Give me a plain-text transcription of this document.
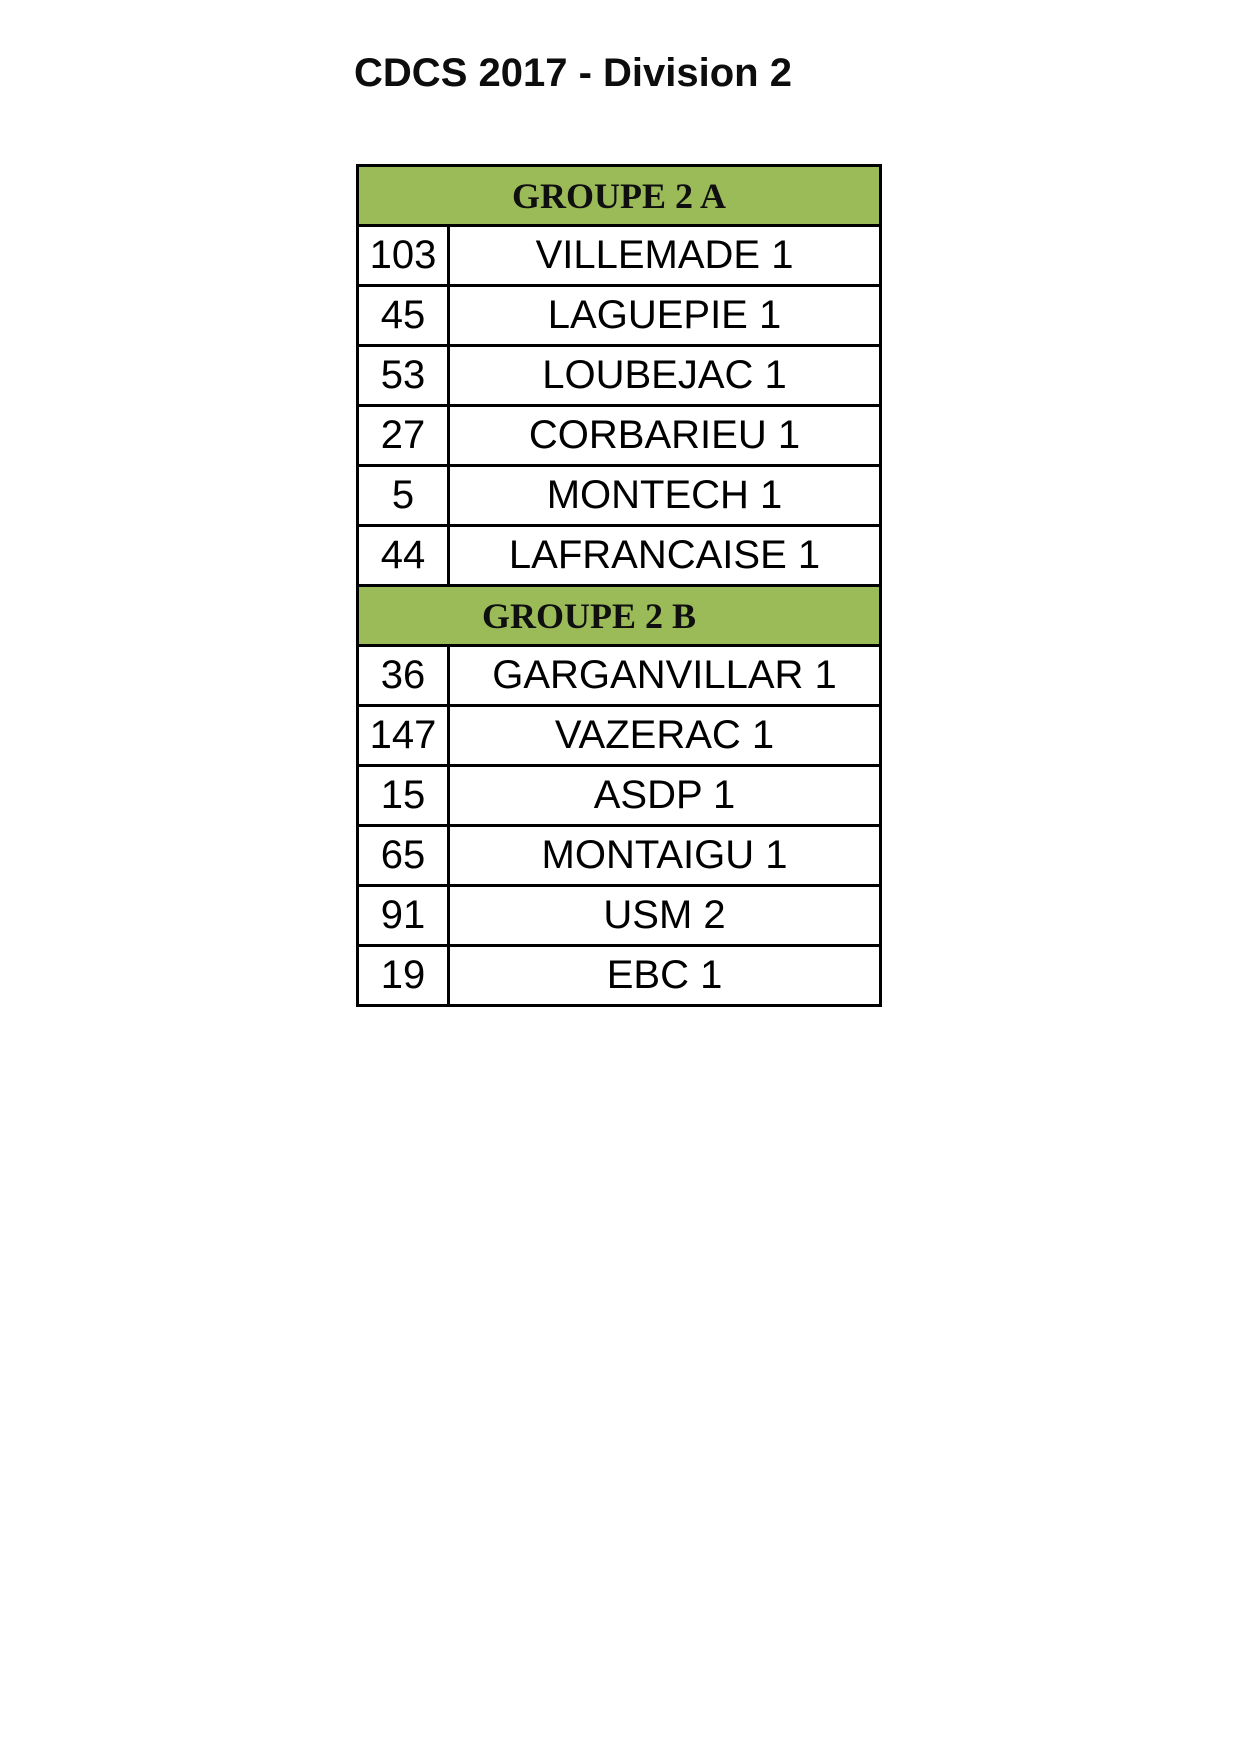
CDCS 2017 - Division 2
GROUPE 2 A	
103	VILLEMADE 1
45	LAGUEPIE 1
53	LOUBEJAC 1
27	CORBARIEU 1
5	MONTECH 1
44	LAFRANCAISE 1
GROUPE 2 B	
36	GARGANVILLAR 1
147	VAZERAC 1
15	ASDP 1
65	MONTAIGU 1
91	USM 2
19	EBC 1
